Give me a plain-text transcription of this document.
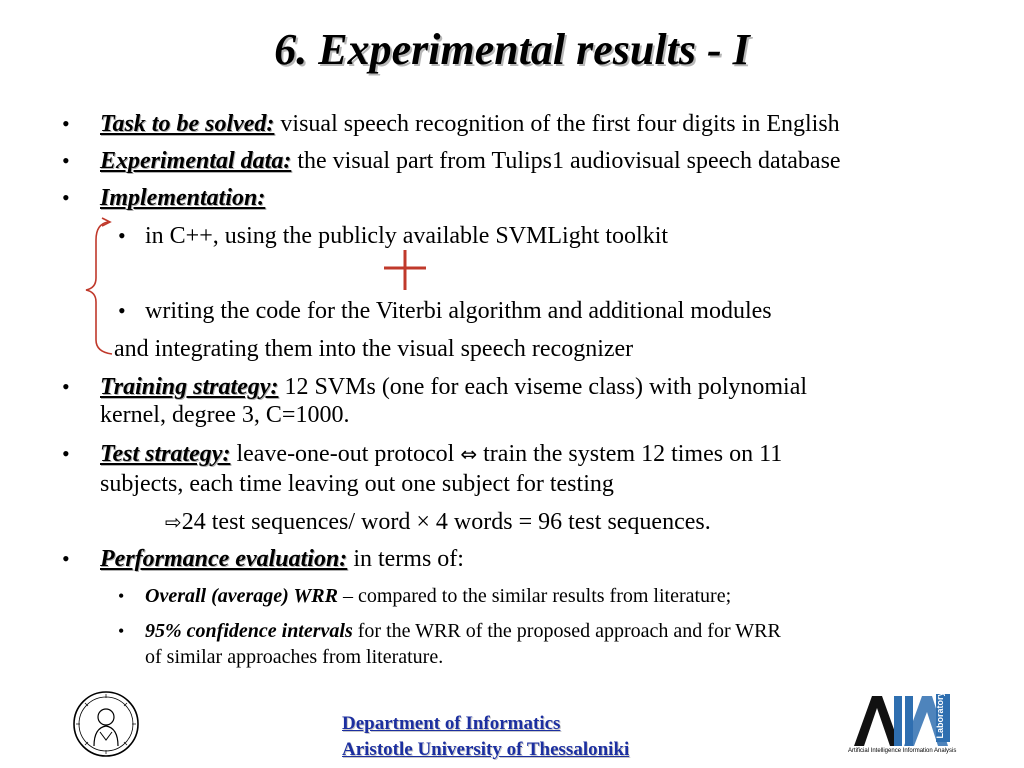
6. Experimental results - I
• Task to be solved: visual speech recognition of the first four digits in English
• Experimental data: the visual part from Tulips1 audiovisual speech database
• Implementation:
• in C++, using the publicly available SVMLight toolkit
• writing the code for the Viterbi algorithm and additional modules
and integrating them into the visual speech recognizer
• Training strategy: 12 SVMs (one for each viseme class) with polynomial
kernel, degree 3, C=1000.
• Test strategy: leave-one-out protocol ⇔ train the system 12 times on 11
subjects, each time leaving out one subject for testing
⇨24 test sequences/ word × 4 words = 96 test sequences.
• Performance evaluation: in terms of:
• Overall (average) WRR – compared to the similar results from literature;
• 95% confidence intervals for the WRR of the proposed approach and for WRR
of similar approaches from literature.
Department of Informatics
Aristotle University of Thessaloniki
Laboratory
Artificial Intelligence Information Analysis
